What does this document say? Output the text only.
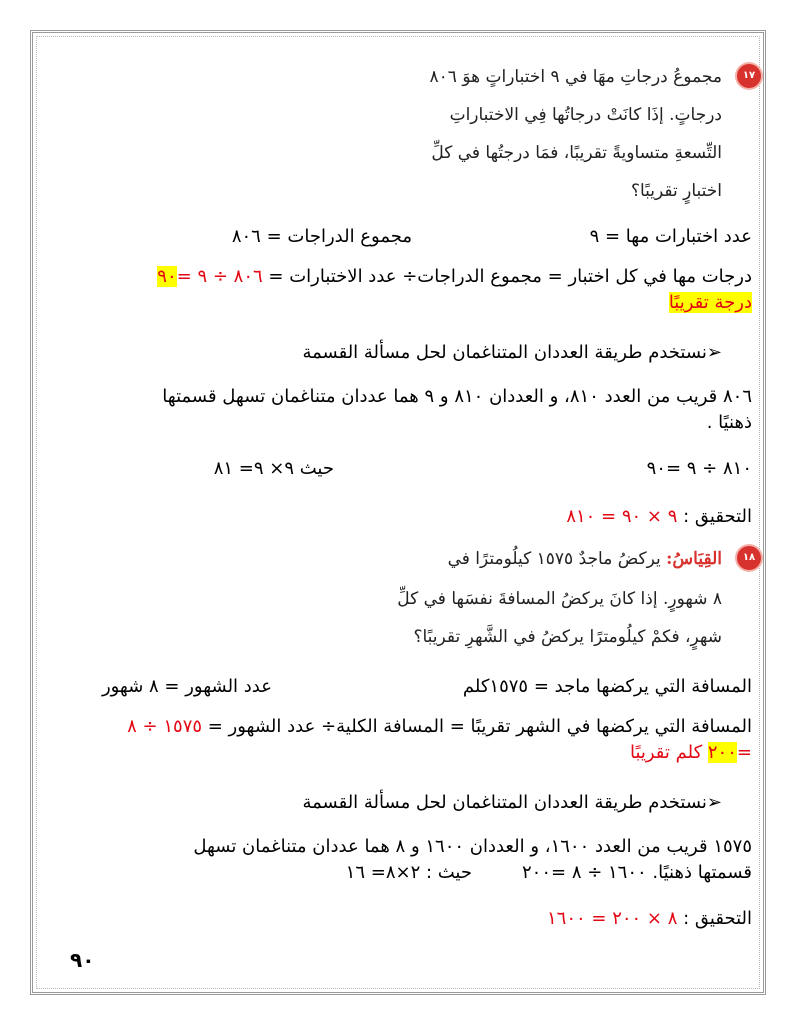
١٧
مجموعُ درجاتِ مهَا في ٩ اختباراتٍ هوَ ٨٠٦
درجاتٍ. إذَا كانَتْ درجاتُها فِي الاختباراتِ
التِّسعةِ متساويةً تقريبًا، فمَا درجتُها في كلِّ
اختبارٍ تقريبًا؟
عدد اختبارات مها = ٩
مجموع الدراجات = ٨٠٦
درجات مها في كل اختبار = مجموع الدراجات÷ عدد الاختبارات = ٨٠٦ ÷ ٩ =٩٠
درجة تقريبًا
➢نستخدم طريقة العددان المتناغمان لحل مسألة القسمة
٨٠٦ قريب من العدد ٨١٠، و العددان ٨١٠ و ٩ هما عددان متناغمان تسهل قسمتها
ذهنيًا .
٨١٠ ÷ ٩ =٩٠
حيث ٩× ٩= ٨١
التحقيق : ٩ × ٩٠ = ٨١٠
١٨
القِيَاسُ: يركضُ ماجدٌ ١٥٧٥ كيلُومترًا في
٨ شهورٍ. إذا كانَ يركضُ المسافةَ نفسَها في كلِّ
شهرٍ، فكمْ كيلُومترًا يركضُ في الشَّهرِ تقريبًا؟
المسافة التي يركضها ماجد = ١٥٧٥كلم
عدد الشهور = ٨ شهور
المسافة التي يركضها في الشهر تقريبًا = المسافة الكلية÷ عدد الشهور = ١٥٧٥ ÷ ٨
=٢٠٠ كلم تقريبًا
➢نستخدم طريقة العددان المتناغمان لحل مسألة القسمة
١٥٧٥ قريب من العدد ١٦٠٠، و العددان ١٦٠٠ و ٨ هما عددان متناغمان تسهل
قسمتها ذهنيًا. ١٦٠٠ ÷ ٨ =٢٠٠
حيث : ٢×٨= ١٦
التحقيق : ٨ × ٢٠٠ = ١٦٠٠
٩٠
